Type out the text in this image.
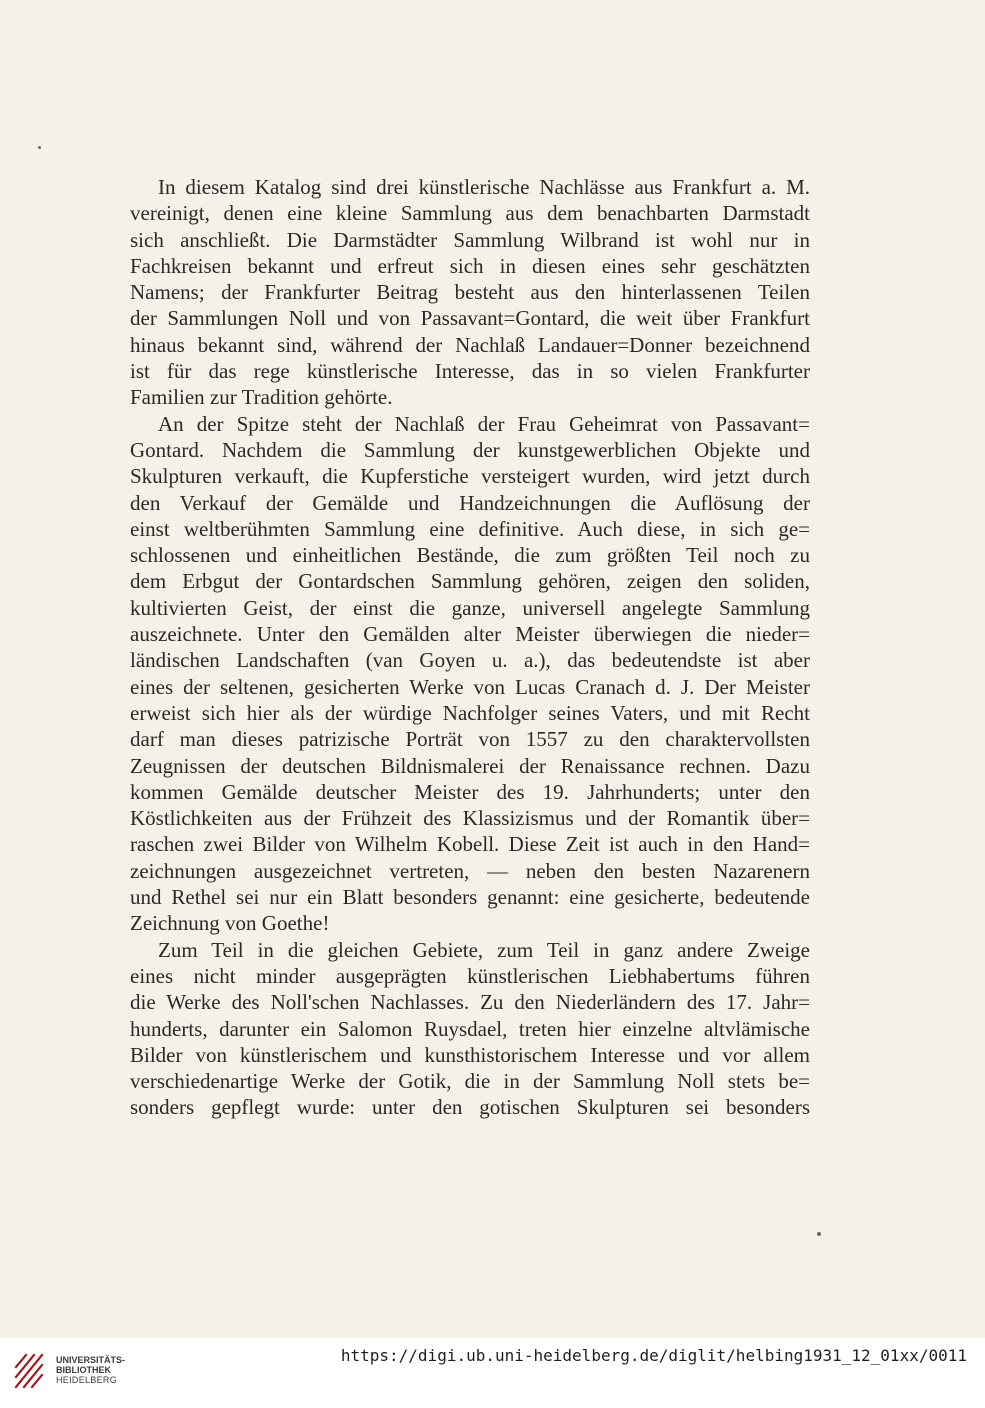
In diesem Katalog sind drei künstlerische Nachlässe aus Frankfurt a. M.
vereinigt, denen eine kleine Sammlung aus dem benachbarten Darmstadt
sich anschließt. Die Darmstädter Sammlung Wilbrand ist wohl nur in
Fachkreisen bekannt und erfreut sich in diesen eines sehr geschätzten
Namens; der Frankfurter Beitrag besteht aus den hinterlassenen Teilen
der Sammlungen Noll und von Passavant=Gontard, die weit über Frankfurt
hinaus bekannt sind, während der Nachlaß Landauer=Donner bezeichnend
ist für das rege künstlerische Interesse, das in so vielen Frankfurter
Familien zur Tradition gehörte.
An der Spitze steht der Nachlaß der Frau Geheimrat von Passavant=
Gontard. Nachdem die Sammlung der kunstgewerblichen Objekte und
Skulpturen verkauft, die Kupferstiche versteigert wurden, wird jetzt durch
den Verkauf der Gemälde und Handzeichnungen die Auflösung der
einst weltberühmten Sammlung eine definitive. Auch diese, in sich ge=
schlossenen und einheitlichen Bestände, die zum größten Teil noch zu
dem Erbgut der Gontardschen Sammlung gehören, zeigen den soliden,
kultivierten Geist, der einst die ganze, universell angelegte Sammlung
auszeichnete. Unter den Gemälden alter Meister überwiegen die nieder=
ländischen Landschaften (van Goyen u. a.), das bedeutendste ist aber
eines der seltenen, gesicherten Werke von Lucas Cranach d. J. Der Meister
erweist sich hier als der würdige Nachfolger seines Vaters, und mit Recht
darf man dieses patrizische Porträt von 1557 zu den charaktervollsten
Zeugnissen der deutschen Bildnismalerei der Renaissance rechnen. Dazu
kommen Gemälde deutscher Meister des 19. Jahrhunderts; unter den
Köstlichkeiten aus der Frühzeit des Klassizismus und der Romantik über=
raschen zwei Bilder von Wilhelm Kobell. Diese Zeit ist auch in den Hand=
zeichnungen ausgezeichnet vertreten, — neben den besten Nazarenern
und Rethel sei nur ein Blatt besonders genannt: eine gesicherte, bedeutende
Zeichnung von Goethe!
Zum Teil in die gleichen Gebiete, zum Teil in ganz andere Zweige
eines nicht minder ausgeprägten künstlerischen Liebhabertums führen
die Werke des Noll'schen Nachlasses. Zu den Niederländern des 17. Jahr=
hunderts, darunter ein Salomon Ruysdael, treten hier einzelne altvlämische
Bilder von künstlerischem und kunsthistorischem Interesse und vor allem
verschiedenartige Werke der Gotik, die in der Sammlung Noll stets be=
sonders gepflegt wurde: unter den gotischen Skulpturen sei besonders
UNIVERSITÄTS-
BIBLIOTHEK
HEIDELBERG
https://digi.ub.uni-heidelberg.de/diglit/helbing1931_12_01xx/0011
